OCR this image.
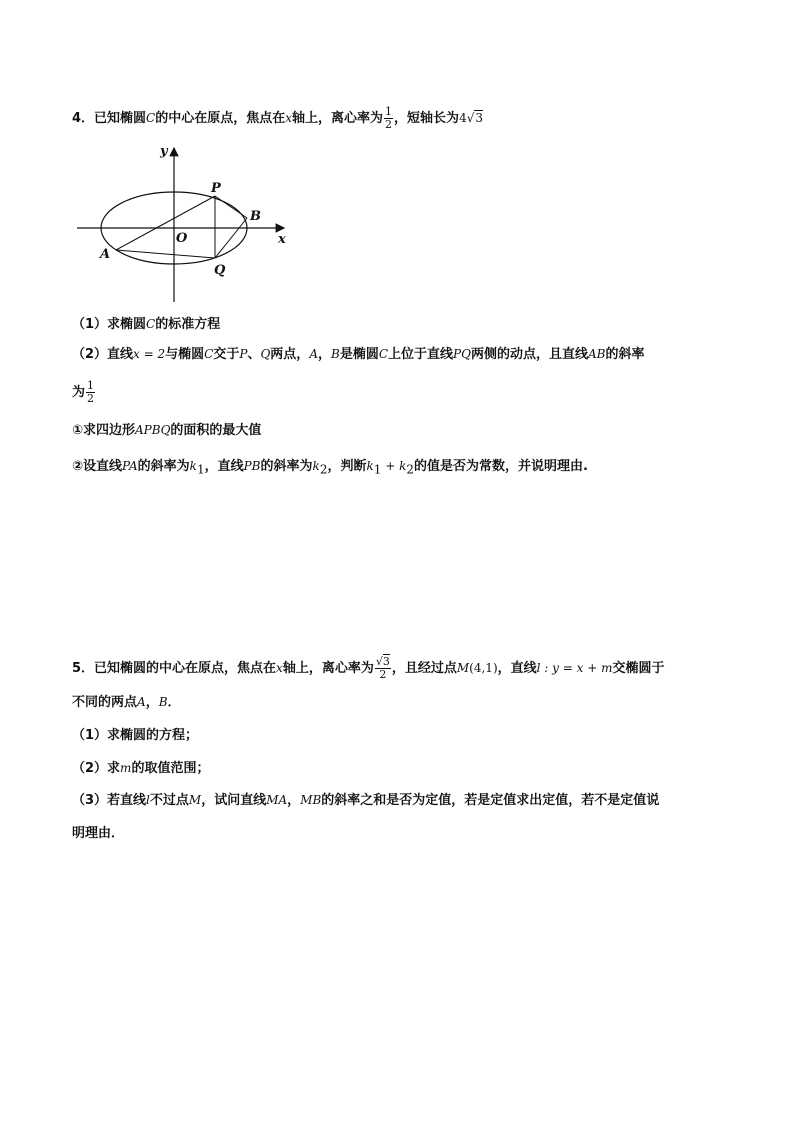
4．已知椭圆C的中心在原点，焦点在x轴上，离心率为 $\frac{1}{2}$ ，短轴长为4√3
y
x
O
P
B
A
Q
（1）求椭圆C的标准方程
（2）直线x = 2与椭圆C交于P、Q两点，A，B是椭圆C上位于直线PQ两侧的动点，且直线AB的斜率
为 $\frac{1}{2}$
①求四边形APBQ的面积的最大值
②设直线PA的斜率为$k_1$，直线PB的斜率为$k_2$，判断$k_1 + k_2$的值是否为常数，并说明理由.
5．已知椭圆的中心在原点，焦点在x轴上，离心率为 $\frac{√3}{2}$ ，且经过点M(4,1)，直线l : y = x + m交椭圆于
不同的两点A，B．
（1）求椭圆的方程；
（2）求m的取值范围；
（3）若直线l不过点M，试问直线MA，MB的斜率之和是否为定值，若是定值求出定值，若不是定值说
明理由．
